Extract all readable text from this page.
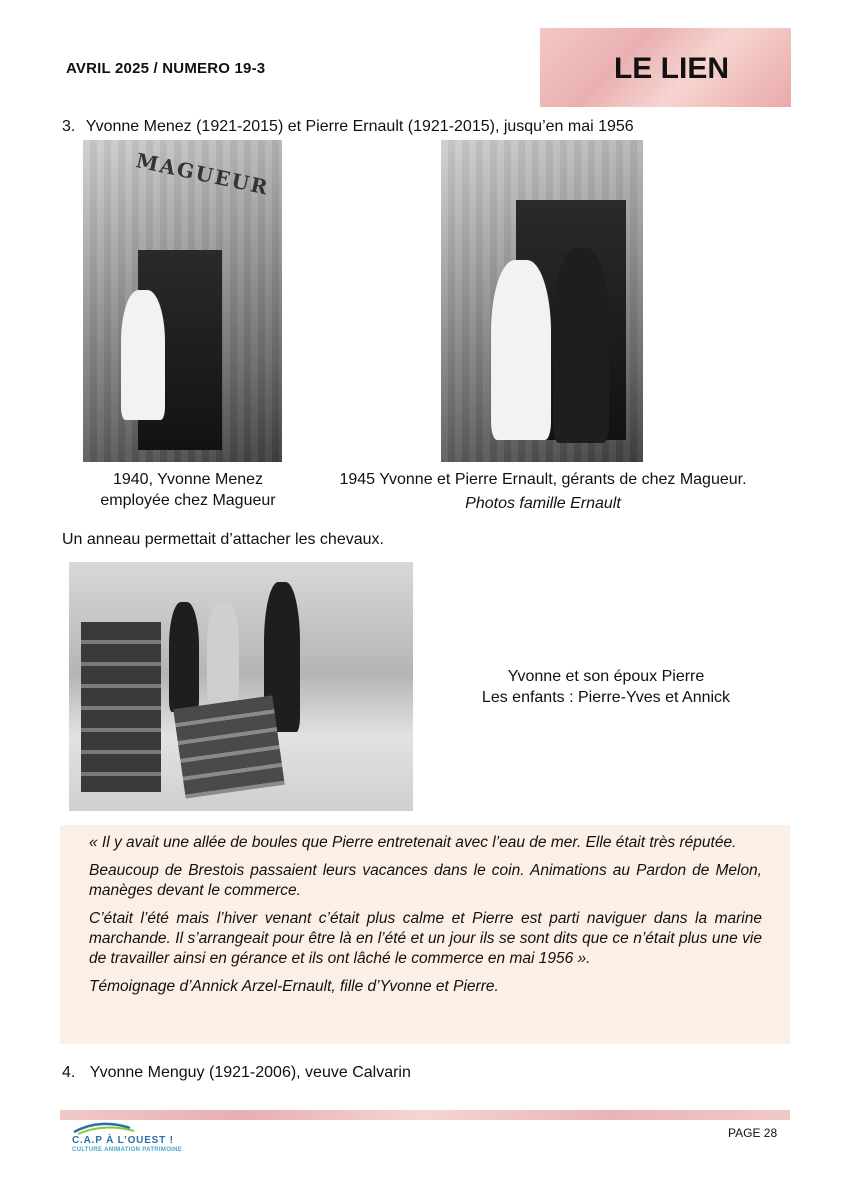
AVRIL 2025 / NUMERO 19-3	LE LIEN
3. Yvonne Menez (1921-2015) et Pierre Ernault (1921-2015), jusqu’en mai 1956
MAGUEUR
1940, Yvonne Menez
employée chez Magueur
1945 Yvonne et Pierre Ernault, gérants de chez Magueur.
Photos famille Ernault
Un anneau permettait d’attacher les chevaux.
Yvonne et son époux Pierre
Les enfants : Pierre-Yves et Annick

« Il y avait une allée de boules que Pierre entretenait avec l’eau de mer. Elle était très réputée.

Beaucoup de Brestois passaient leurs vacances dans le coin. Animations au Pardon de Melon, manèges devant le commerce.

C’était l’été mais l’hiver venant c’était plus calme et Pierre est parti naviguer dans la marine marchande. Il s’arrangeait pour être là en l’été et un jour ils se sont dits que ce n’était plus une vie de travailler ainsi en gérance et ils ont lâché le commerce en mai 1956 ».

Témoignage d’Annick Arzel-Ernault, fille d’Yvonne et Pierre.

4. Yvonne Menguy (1921-2006), veuve Calvarin
C.A.P À L’OUEST !
CULTURE ANIMATION PATRIMOINE
PAGE 28
